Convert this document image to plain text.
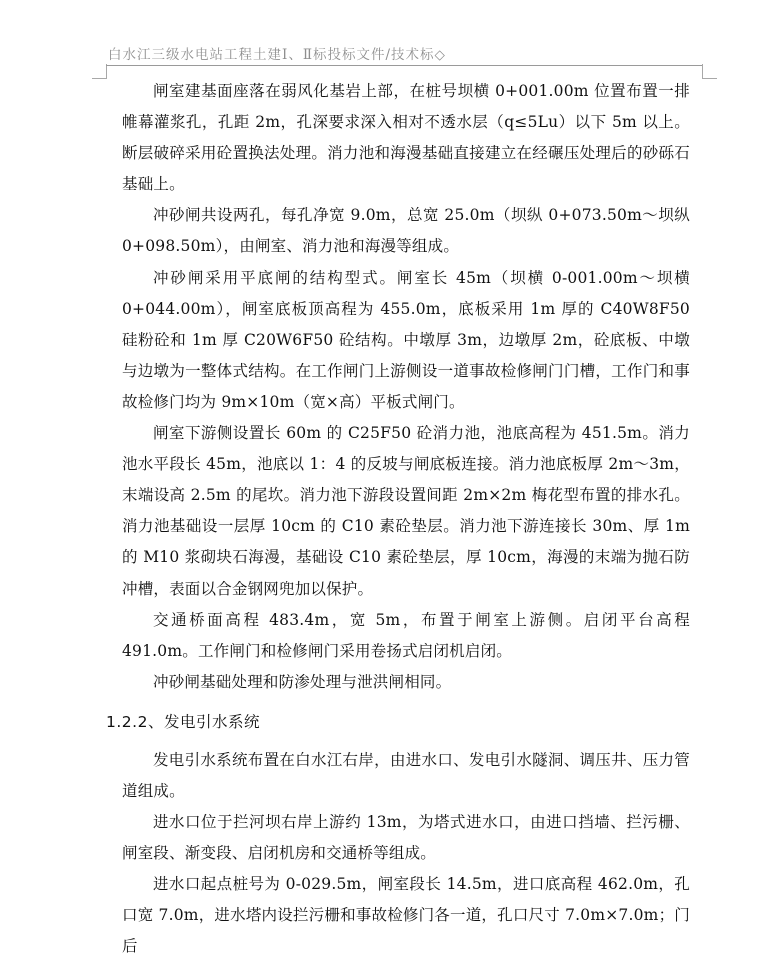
白水江三级水电站工程土建Ⅰ、Ⅱ标投标文件/技术标◇

闸室建基面座落在弱风化基岩上部，在桩号坝横 0+001.00m 位置布置一排帷幕灌浆孔，孔距 2m，孔深要求深入相对不透水层（q≤5Lu）以下 5m 以上。断层破碎采用砼置换法处理。消力池和海漫基础直接建立在经碾压处理后的砂砾石基础上。

冲砂闸共设两孔，每孔净宽 9.0m，总宽 25.0m（坝纵 0+073.50m～坝纵 0+098.50m），由闸室、消力池和海漫等组成。

冲砂闸采用平底闸的结构型式。闸室长 45m（坝横 0-001.00m～坝横 0+044.00m），闸室底板顶高程为 455.0m，底板采用 1m 厚的 C40W8F50 硅粉砼和 1m 厚 C20W6F50 砼结构。中墩厚 3m，边墩厚 2m，砼底板、中墩与边墩为一整体式结构。在工作闸门上游侧设一道事故检修闸门门槽，工作门和事故检修门均为 9m×10m（宽×高）平板式闸门。

闸室下游侧设置长 60m 的 C25F50 砼消力池，池底高程为 451.5m。消力池水平段长 45m，池底以 1：4 的反坡与闸底板连接。消力池底板厚 2m～3m，末端设高 2.5m 的尾坎。消力池下游段设置间距 2m×2m 梅花型布置的排水孔。消力池基础设一层厚 10cm 的 C10 素砼垫层。消力池下游连接长 30m、厚 1m 的 M10 浆砌块石海漫，基础设 C10 素砼垫层，厚 10cm，海漫的末端为抛石防冲槽，表面以合金钢网兜加以保护。

交通桥面高程 483.4m，宽 5m，布置于闸室上游侧。启闭平台高程 491.0m。工作闸门和检修闸门采用卷扬式启闭机启闭。

冲砂闸基础处理和防渗处理与泄洪闸相同。

1.2.2、发电引水系统

发电引水系统布置在白水江右岸，由进水口、发电引水隧洞、调压井、压力管道组成。

进水口位于拦河坝右岸上游约 13m，为塔式进水口，由进口挡墙、拦污栅、闸室段、渐变段、启闭机房和交通桥等组成。

进水口起点桩号为 0-029.5m，闸室段长 14.5m，进口底高程 462.0m，孔口宽 7.0m，进水塔内设拦污栅和事故检修门各一道，孔口尺寸 7.0m×7.0m；门后
